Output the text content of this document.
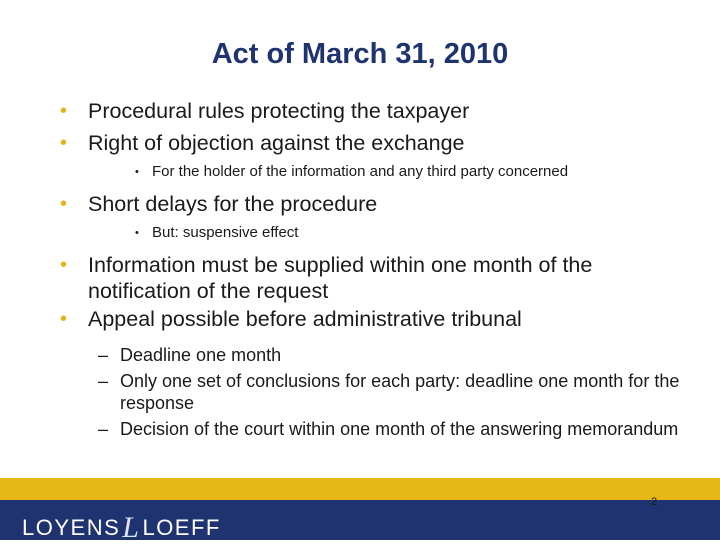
Act of March 31, 2010
• Procedural rules protecting the taxpayer
• Right of objection against the exchange
• For the holder of the information and any third party concerned
• Short delays for the procedure
• But: suspensive effect
• Information must be supplied within one month of the notification of the request
• Appeal possible before administrative tribunal
– Deadline one month
– Only one set of conclusions for each party: deadline one month for the response
– Decision of the court within one month of the answering memorandum
LOYENSLLOEFF
2
